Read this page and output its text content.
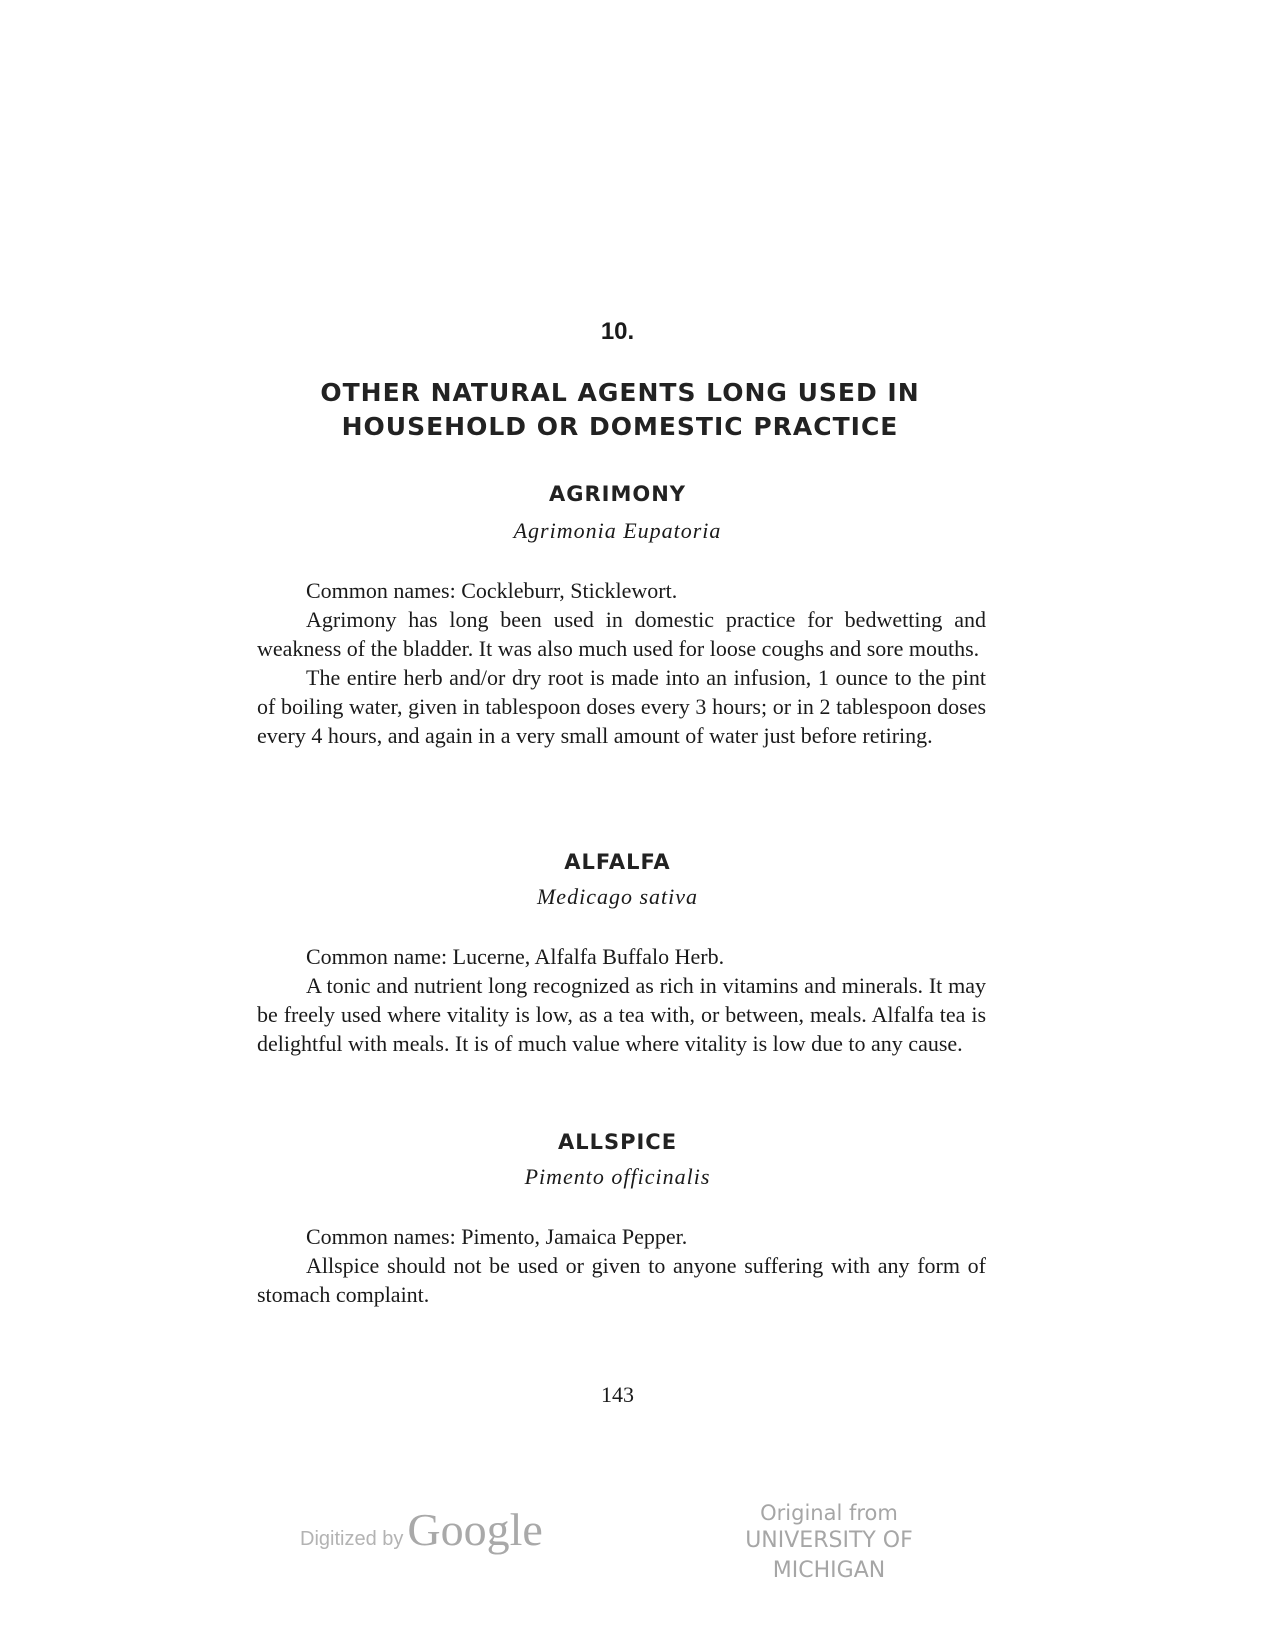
10.
OTHER NATURAL AGENTS LONG USED IN
HOUSEHOLD OR DOMESTIC PRACTICE
AGRIMONY
Agrimonia Eupatoria

Common names: Cockleburr, Sticklewort.

Agrimony has long been used in domestic practice for bedwetting and weakness of the bladder. It was also much used for loose coughs and sore mouths.

The entire herb and/or dry root is made into an infusion, 1 ounce to the pint of boiling water, given in tablespoon doses every 3 hours; or in 2 tablespoon doses every 4 hours, and again in a very small amount of water just before retiring.

ALFALFA
Medicago sativa

Common name: Lucerne, Alfalfa Buffalo Herb.

A tonic and nutrient long recognized as rich in vitamins and minerals. It may be freely used where vitality is low, as a tea with, or between, meals. Alfalfa tea is delightful with meals. It is of much value where vitality is low due to any cause.

ALLSPICE
Pimento officinalis

Common names: Pimento, Jamaica Pepper.

Allspice should not be used or given to anyone suffering with any form of stomach complaint.

143
Digitized byGoogle	Original from
UNIVERSITY OF MICHIGAN
